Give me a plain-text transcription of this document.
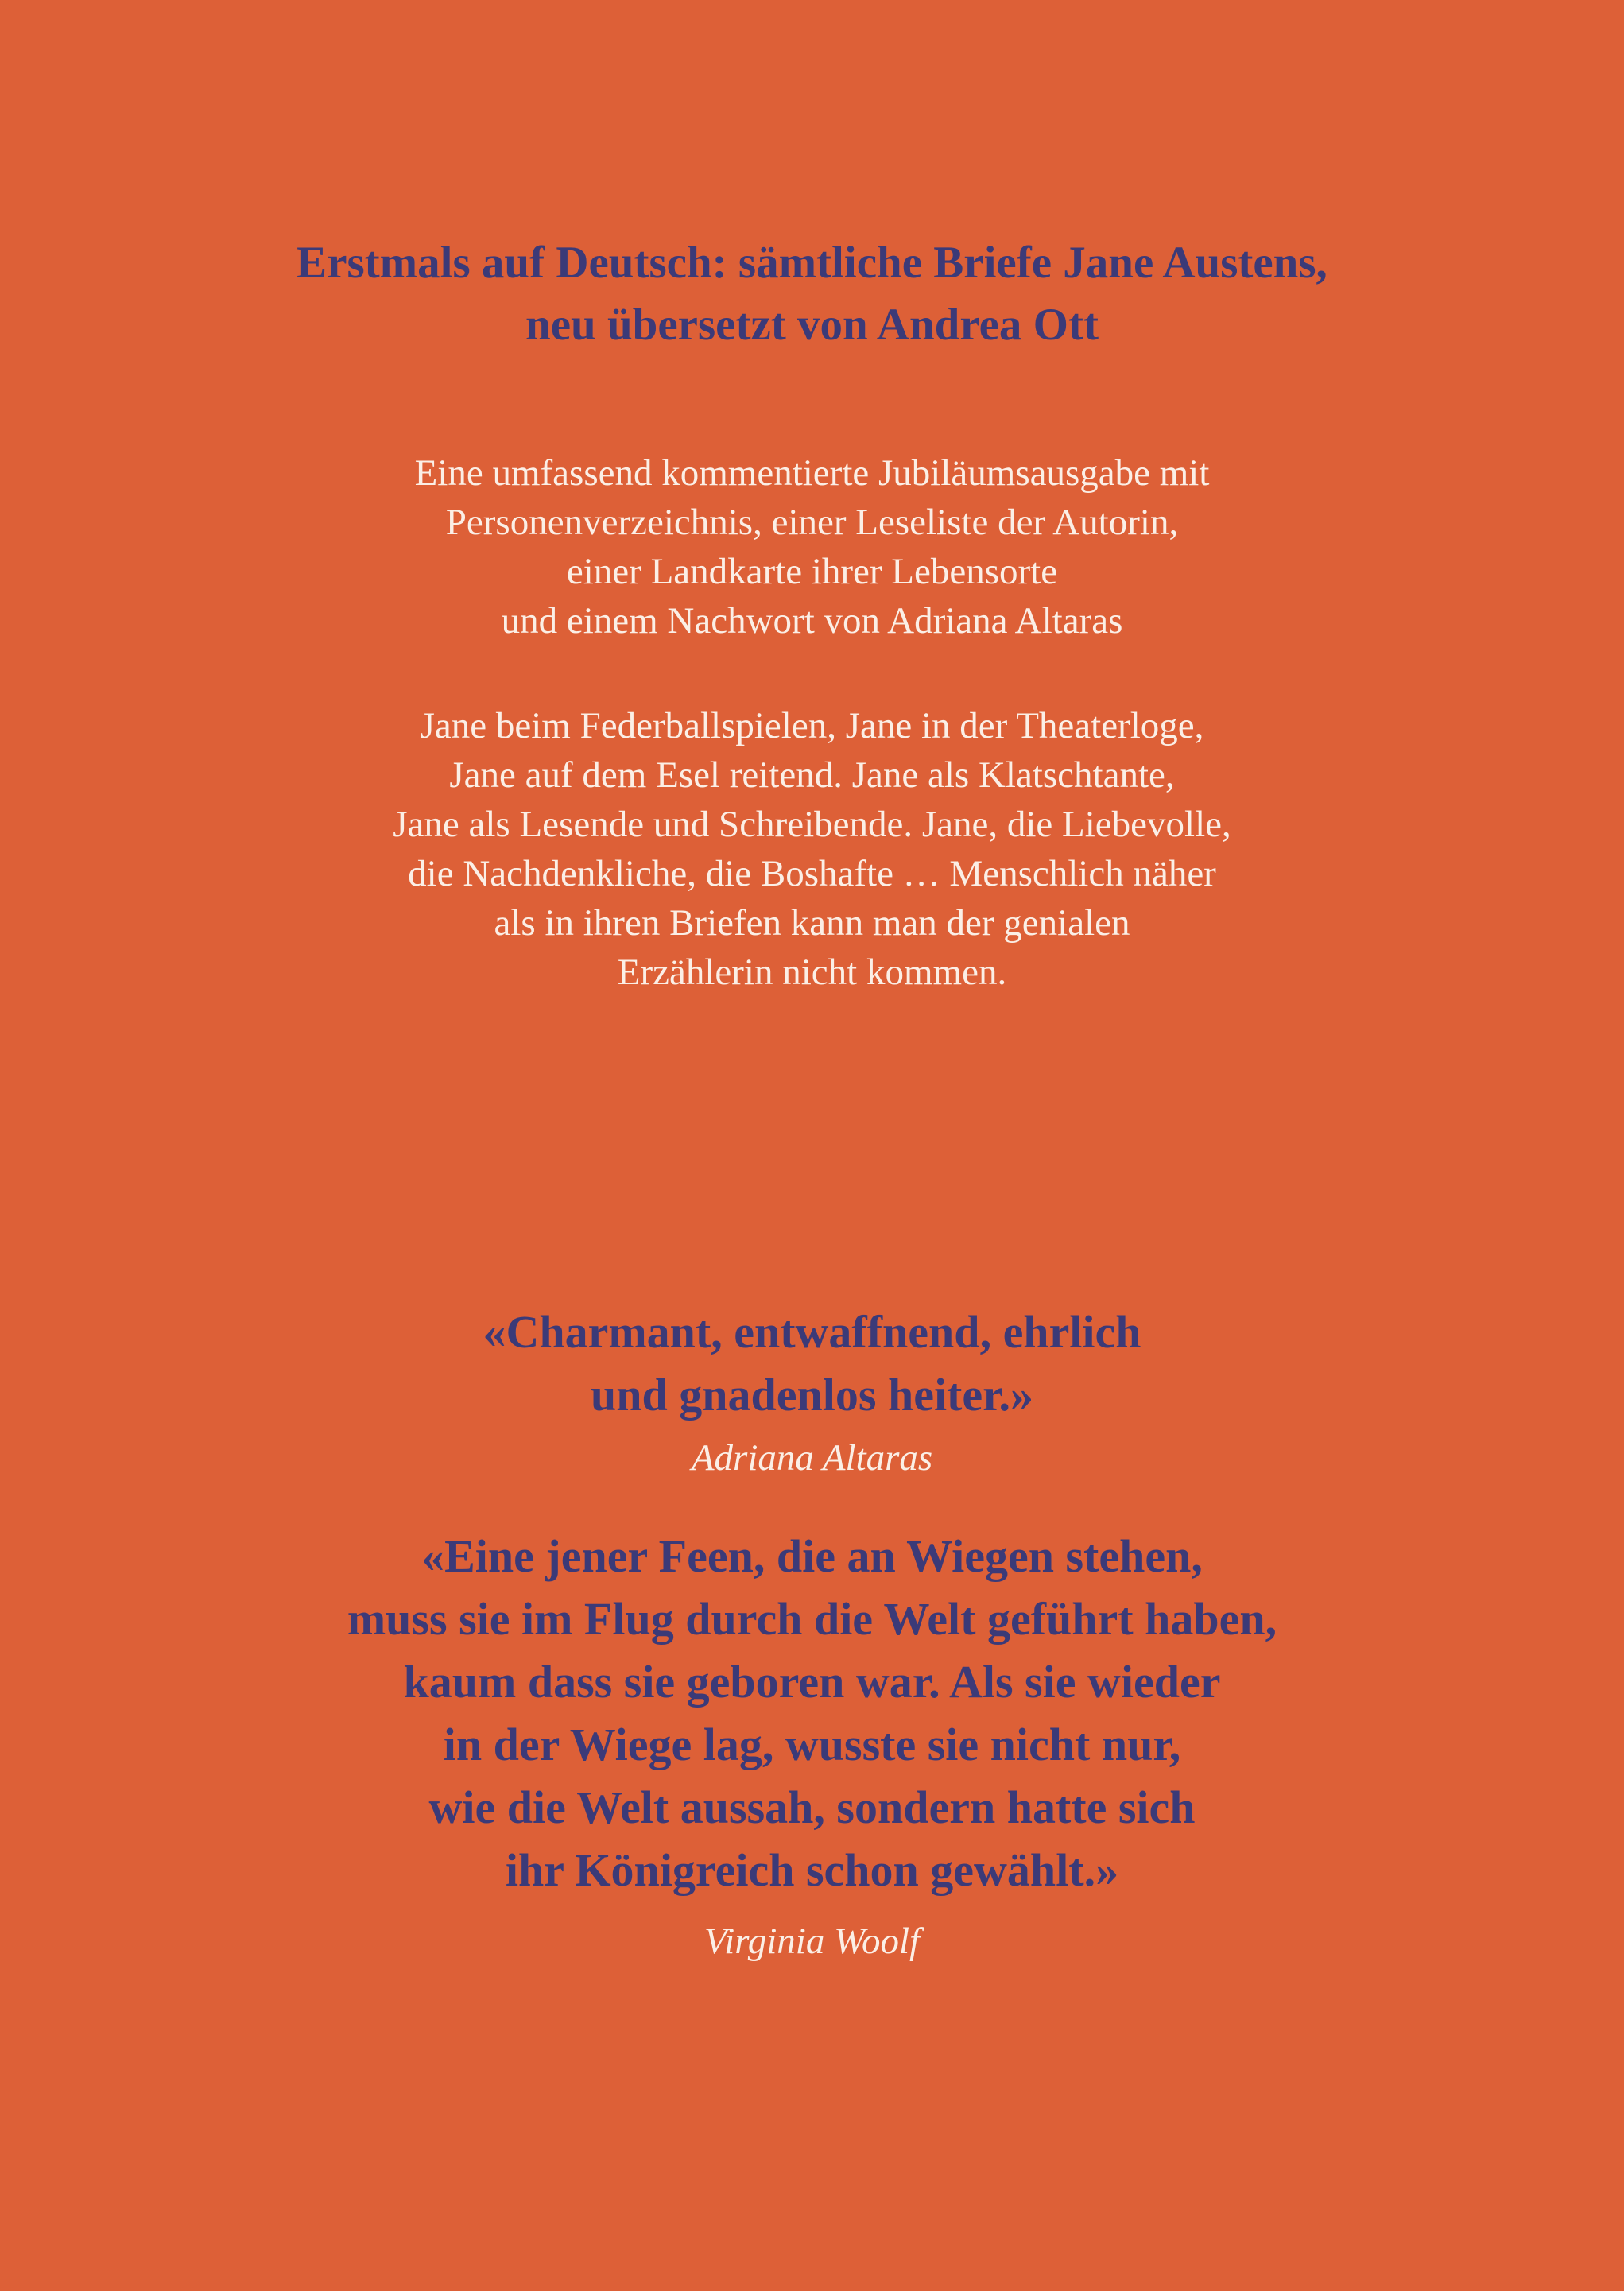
Erstmals auf Deutsch: sämtliche Briefe Jane Austens,
neu übersetzt von Andrea Ott
Eine umfassend kommentierte Jubiläumsausgabe mit
Personenverzeichnis, einer Leseliste der Autorin,
einer Landkarte ihrer Lebensorte
und einem Nachwort von Adriana Altaras
Jane beim Federballspielen, Jane in der Theaterloge,
Jane auf dem Esel reitend. Jane als Klatschtante,
Jane als Lesende und Schreibende. Jane, die Liebevolle,
die Nachdenkliche, die Boshafte … Menschlich näher
als in ihren Briefen kann man der genialen
Erzählerin nicht kommen.
«Charmant, entwaffnend, ehrlich
und gnadenlos heiter.»
Adriana Altaras
«Eine jener Feen, die an Wiegen stehen,
muss sie im Flug durch die Welt geführt haben,
kaum dass sie geboren war. Als sie wieder
in der Wiege lag, wusste sie nicht nur,
wie die Welt aussah, sondern hatte sich
ihr Königreich schon gewählt.»
Virginia Woolf
